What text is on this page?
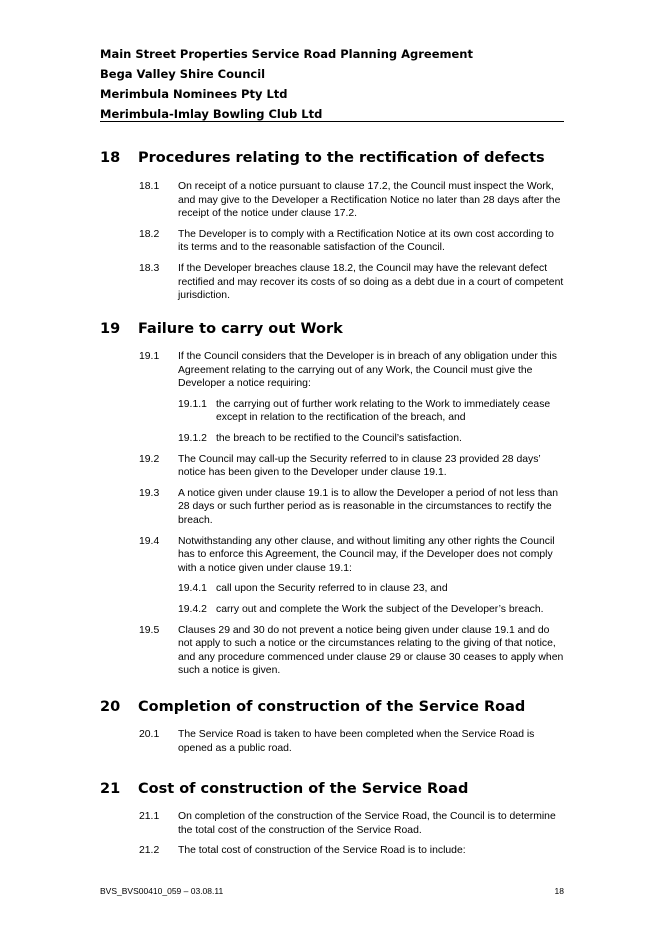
Main Street Properties Service Road Planning Agreement
Bega Valley Shire Council
Merimbula Nominees Pty Ltd
Merimbula-Imlay Bowling Club Ltd
18	Procedures relating to the rectification of defects
18.1	On receipt of a notice pursuant to clause 17.2, the Council must inspect the Work, and may give to the Developer a Rectification Notice no later than 28 days after the receipt of the notice under clause 17.2.
18.2	The Developer is to comply with a Rectification Notice at its own cost according to its terms and to the reasonable satisfaction of the Council.
18.3	If the Developer breaches clause 18.2, the Council may have the relevant defect rectified and may recover its costs of so doing as a debt due in a court of competent jurisdiction.
19	Failure to carry out Work
19.1	If the Council considers that the Developer is in breach of any obligation under this Agreement relating to the carrying out of any Work, the Council must give the Developer a notice requiring:
19.1.1 the carrying out of further work relating to the Work to immediately cease except in relation to the rectification of the breach, and
19.1.2 the breach to be rectified to the Council’s satisfaction.
19.2	The Council may call-up the Security referred to in clause 23 provided 28 days’ notice has been given to the Developer under clause 19.1.
19.3	A notice given under clause 19.1 is to allow the Developer a period of not less than 28 days or such further period as is reasonable in the circumstances to rectify the breach.
19.4	Notwithstanding any other clause, and without limiting any other rights the Council has to enforce this Agreement, the Council may, if the Developer does not comply with a notice given under clause 19.1:
19.4.1 call upon the Security referred to in clause 23, and
19.4.2 carry out and complete the Work the subject of the Developer’s breach.
19.5	Clauses 29 and 30 do not prevent a notice being given under clause 19.1 and do not apply to such a notice or the circumstances relating to the giving of that notice, and any procedure commenced under clause 29 or clause 30 ceases to apply when such a notice is given.
20	Completion of construction of the Service Road
20.1	The Service Road is taken to have been completed when the Service Road is opened as a public road.
21	Cost of construction of the Service Road
21.1	On completion of the construction of the Service Road, the Council is to determine the total cost of the construction of the Service Road.
21.2	The total cost of construction of the Service Road is to include:
BVS_BVS00410_059 – 03.08.11	18
